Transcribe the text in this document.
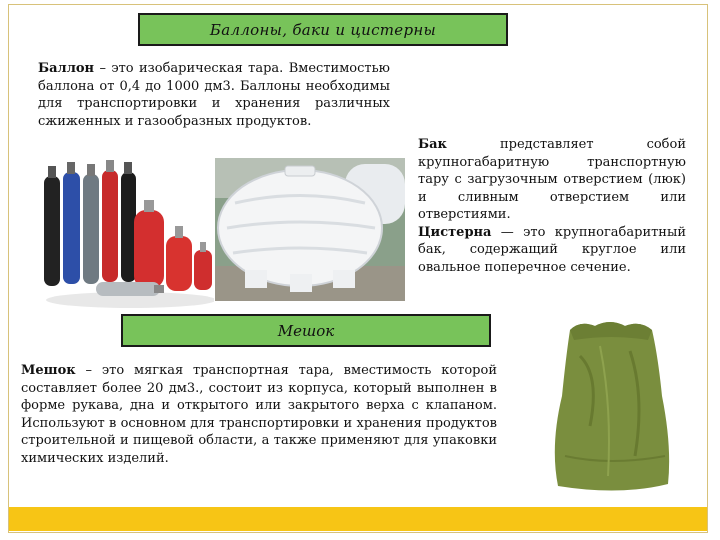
Баллоны, баки и цистерны
Баллон – это изобарическая тара. Вместимостью баллона от 0,4 до 1000 дм3. Баллоны необходимы для транспортировки и хранения различных сжиженных и газообразных продуктов.
Бак представляет собой крупногабаритную транспортную тару с загрузочным отверстием (люк) и сливным отверстием или отверстиями.
Цистерна — это крупногабаритный бак, содержащий круглое или овальное поперечное сечение.
Мешок
Мешок – это мягкая транспортная тара, вместимость которой составляет более 20 дм3., состоит из корпуса, который выполнен в форме рукава, дна и открытого или закрытого верха с клапаном. Используют в основном для транспортировки и хранения продуктов строительной и пищевой области, а также применяют для упаковки химических изделий.
